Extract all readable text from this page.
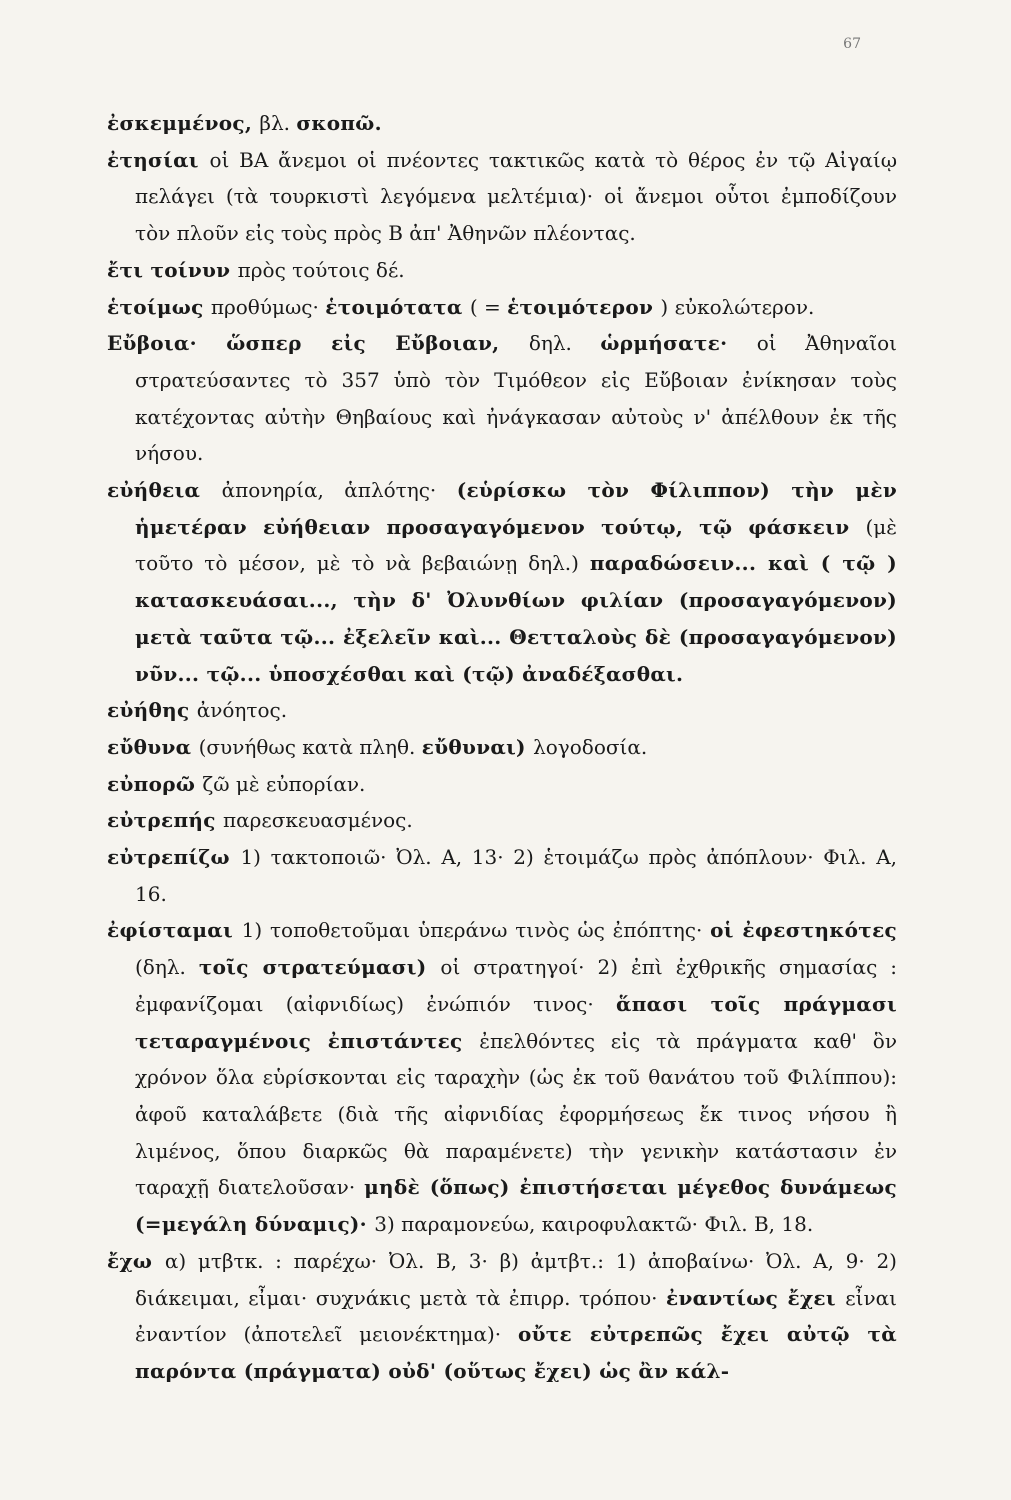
67

ἐσκεμμένος, βλ. σκοπῶ.

ἐτησίαι οἱ ΒΑ ἄνεμοι οἱ πνέοντες τακτικῶς κατὰ τὸ θέρος ἐν τῷ Αἰγαίῳ πελάγει (τὰ τουρκιστὶ λεγόμενα μελτέμια)· οἱ ἄνεμοι οὗτοι ἐμποδίζουν τὸν πλοῦν εἰς τοὺς πρὸς Β ἀπ' Ἀθηνῶν πλέοντας.

ἔτι τοίνυν πρὸς τούτοις δέ.

ἑτοίμως προθύμως· ἑτοιμότατα ( = ἑτοιμότερον ) εὐκολώτερον.

Εὔβοια· ὥσπερ εἰς Εὔβοιαν, δηλ. ὡρμήσατε· οἱ Ἀθηναῖοι στρατεύσαντες τὸ 357 ὑπὸ τὸν Τιμόθεον εἰς Εὔβοιαν ἐνίκησαν τοὺς κατέχοντας αὐτὴν Θηβαίους καὶ ἠνάγκασαν αὐτοὺς ν' ἀπέλθουν ἐκ τῆς νήσου.

εὐήθεια ἀπονηρία, ἁπλότης· (εὑρίσκω τὸν Φίλιππον) τὴν μὲν ἡμετέραν εὐήθειαν προσαγαγόμενον τούτῳ, τῷ φάσκειν (μὲ τοῦτο τὸ μέσον, μὲ τὸ νὰ βεβαιώνῃ δηλ.) παραδώσειν... καὶ ( τῷ ) κατασκευάσαι..., τὴν δ' Ὀλυνθίων φιλίαν (προσαγαγόμενον) μετὰ ταῦτα τῷ... ἐξελεῖν καὶ... Θετταλοὺς δὲ (προσαγαγόμενον) νῦν... τῷ... ὑποσχέσθαι καὶ (τῷ) ἀναδέξασθαι.

εὐήθης ἀνόητος.

εὔθυνα (συνήθως κατὰ πληθ. εὔθυναι) λογοδοσία.

εὐπορῶ ζῶ μὲ εὐπορίαν.

εὐτρεπής παρεσκευασμένος.

εὐτρεπίζω 1) τακτοποιῶ· Ὀλ. Α, 13· 2) ἑτοιμάζω πρὸς ἀπόπλουν· Φιλ. Α, 16.

ἐφίσταμαι 1) τοποθετοῦμαι ὑπεράνω τινὸς ὡς ἐπόπτης· οἱ ἐφεστηκότες (δηλ. τοῖς στρατεύμασι) οἱ στρατηγοί· 2) ἐπὶ ἐχθρικῆς σημασίας : ἐμφανίζομαι (αἰφνιδίως) ἐνώπιόν τινος· ἅπασι τοῖς πράγμασι τεταραγμένοις ἐπιστάντες ἐπελθόντες εἰς τὰ πράγματα καθ' ὃν χρόνον ὅλα εὑρίσκονται εἰς ταραχὴν (ὡς ἐκ τοῦ θανάτου τοῦ Φιλίππου): ἀφοῦ καταλάβετε (διὰ τῆς αἰφνιδίας ἐφορμήσεως ἔκ τινος νήσου ἢ λιμένος, ὅπου διαρκῶς θὰ παραμένετε) τὴν γενικὴν κατάστασιν ἐν ταραχῇ διατελοῦσαν· μηδὲ (ὅπως) ἐπιστήσεται μέγεθος δυνάμεως (=μεγάλη δύναμις)· 3) παραμονεύω, καιροφυλακτῶ· Φιλ. Β, 18.

ἔχω α) μτβτκ. : παρέχω· Ὀλ. Β, 3· β) ἀμτβτ.: 1) ἀποβαίνω· Ὀλ. Α, 9· 2) διάκειμαι, εἶμαι· συχνάκις μετὰ τὰ ἐπιρρ. τρόπου· ἐναντίως ἔχει εἶναι ἐναντίον (ἀποτελεῖ μειονέκτημα)· οὔτε εὐτρεπῶς ἔχει αὐτῷ τὰ παρόντα (πράγματα) οὐδ' (οὕτως ἔχει) ὡς ἂν κάλ-
